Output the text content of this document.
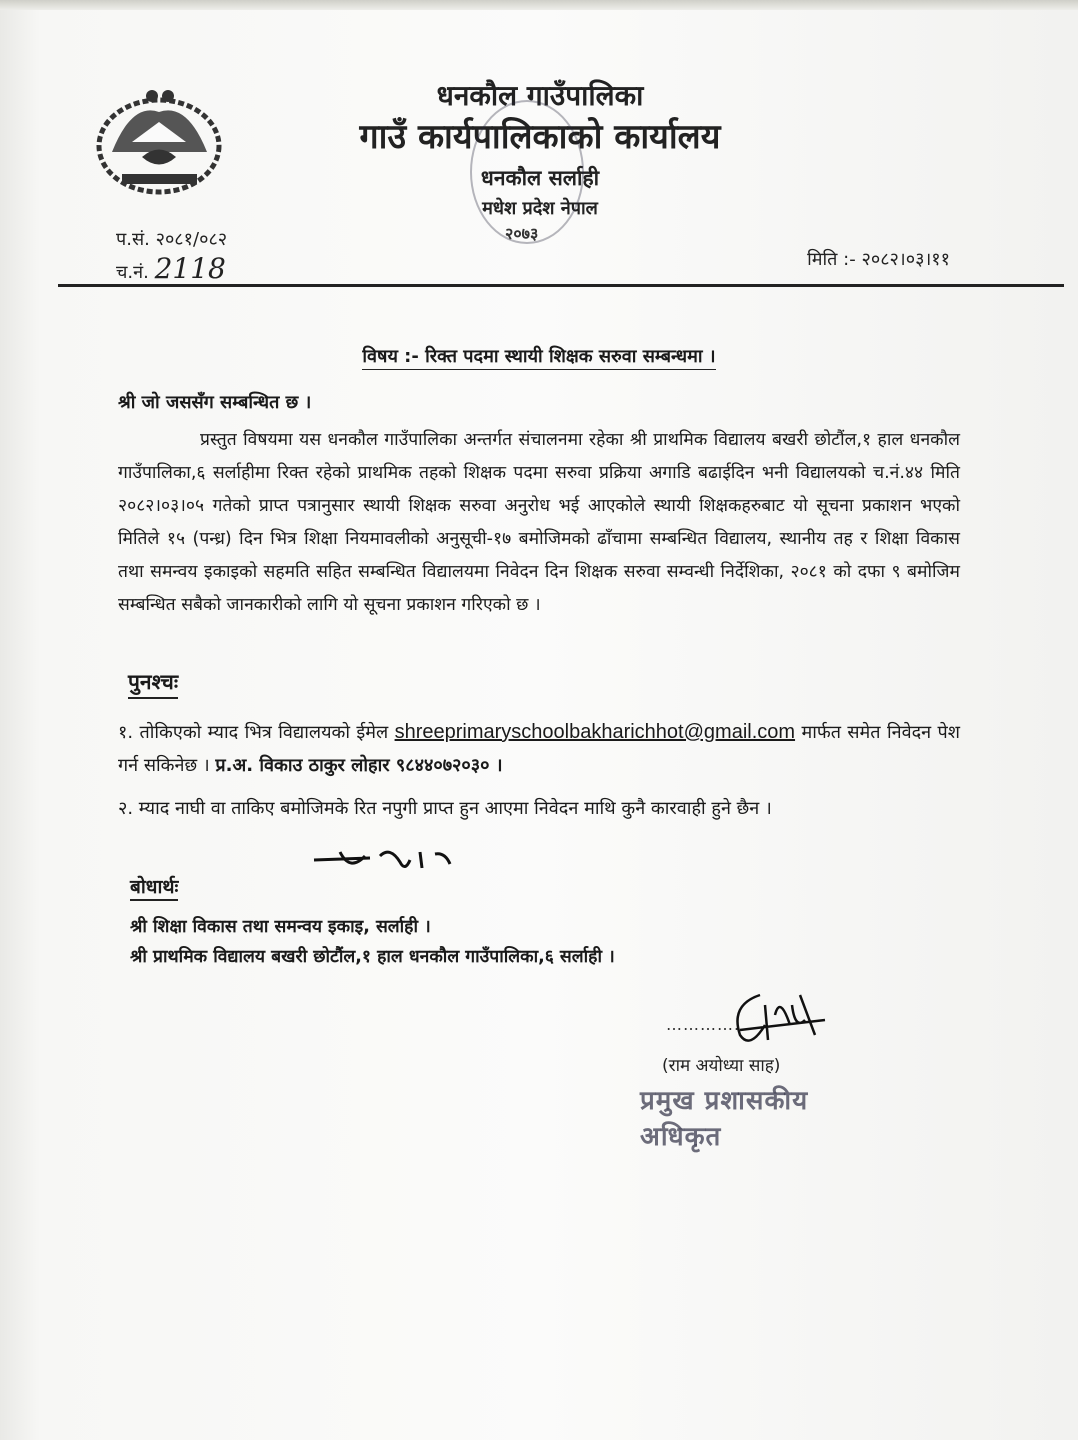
धनकौल गाउँपालिका
गाउँ कार्यपालिकाको कार्यालय
धनकौल सर्लाही
मधेश प्रदेश नेपाल
२०७३
प.सं. २०८१/०८२
च.नं. 2118	मिति :- २०८२।०३।११
विषय :- रिक्त पदमा स्थायी शिक्षक सरुवा सम्बन्धमा ।
श्री जो जससँग सम्बन्धित छ ।

प्रस्तुत विषयमा यस धनकौल गाउँपालिका अन्तर्गत संचालनमा रहेका श्री प्राथमिक विद्यालय बखरी छोटौंल,१ हाल धनकौल गाउँपालिका,६ सर्लाहीमा रिक्त रहेको प्राथमिक तहको शिक्षक पदमा सरुवा प्रक्रिया अगाडि बढाईदिन भनी विद्यालयको च.नं.४४ मिति २०८२।०३।०५ गतेको प्राप्त पत्रानुसार स्थायी शिक्षक सरुवा अनुरोध भई आएकोले स्थायी शिक्षकहरुबाट यो सूचना प्रकाशन भएको मितिले १५ (पन्ध्र) दिन भित्र शिक्षा नियमावलीको अनुसूची-१७ बमोजिमको ढाँचामा सम्बन्धित विद्यालय, स्थानीय तह र शिक्षा विकास तथा समन्वय इकाइको सहमति सहित सम्बन्धित विद्यालयमा निवेदन दिन शिक्षक सरुवा सम्वन्धी निर्देशिका, २०८१ को दफा ९ बमोजिम सम्बन्धित सबैको जानकारीको लागि यो सूचना प्रकाशन गरिएको छ ।

पुनश्चः
१. तोकिएको म्याद भित्र विद्यालयको ईमेल shreeprimaryschoolbakharichhot@gmail.com मार्फत समेत निवेदन पेश गर्न सकिनेछ । प्र.अ. विकाउ ठाकुर लोहार ९८४४०७२०३० ।
२. म्याद नाघी वा ताकिए बमोजिमके रित नपुगी प्राप्त हुन आएमा निवेदन माथि कुनै कारवाही हुने छैन ।
बोधार्थः
श्री शिक्षा विकास तथा समन्वय इकाइ, सर्लाही ।
श्री प्राथमिक विद्यालय बखरी छोटौंल,१ हाल धनकौल गाउँपालिका,६ सर्लाही ।
………….
(राम अयोध्या साह)
प्रमुख प्रशासकीय अधिकृत
